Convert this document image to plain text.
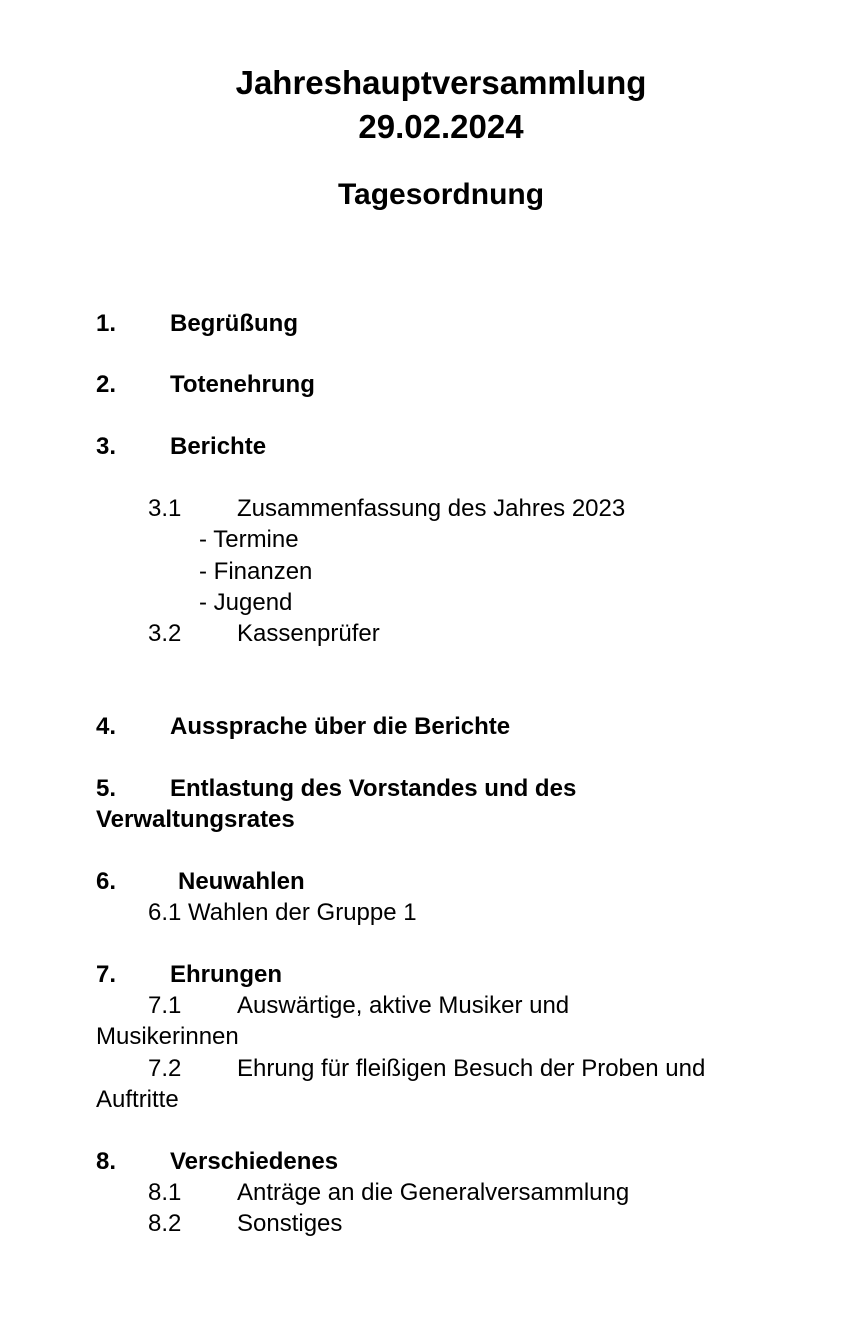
Jahreshauptversammlung
29.02.2024
Tagesordnung
1. Begrüßung
2. Totenehrung
3. Berichte
3.1 Zusammenfassung des Jahres 2023
- Termine
- Finanzen
- Jugend
3.2 Kassenprüfer
4. Aussprache über die Berichte
5. Entlastung des Vorstandes und des
Verwaltungsrates
6.	Neuwahlen
6.1 Wahlen der Gruppe 1
7. Ehrungen
7.1 Auswärtige, aktive Musiker und
Musikerinnen
7.2 Ehrung für fleißigen Besuch der Proben und
Auftritte
8. Verschiedenes
8.1 Anträge an die Generalversammlung
8.2 Sonstiges
